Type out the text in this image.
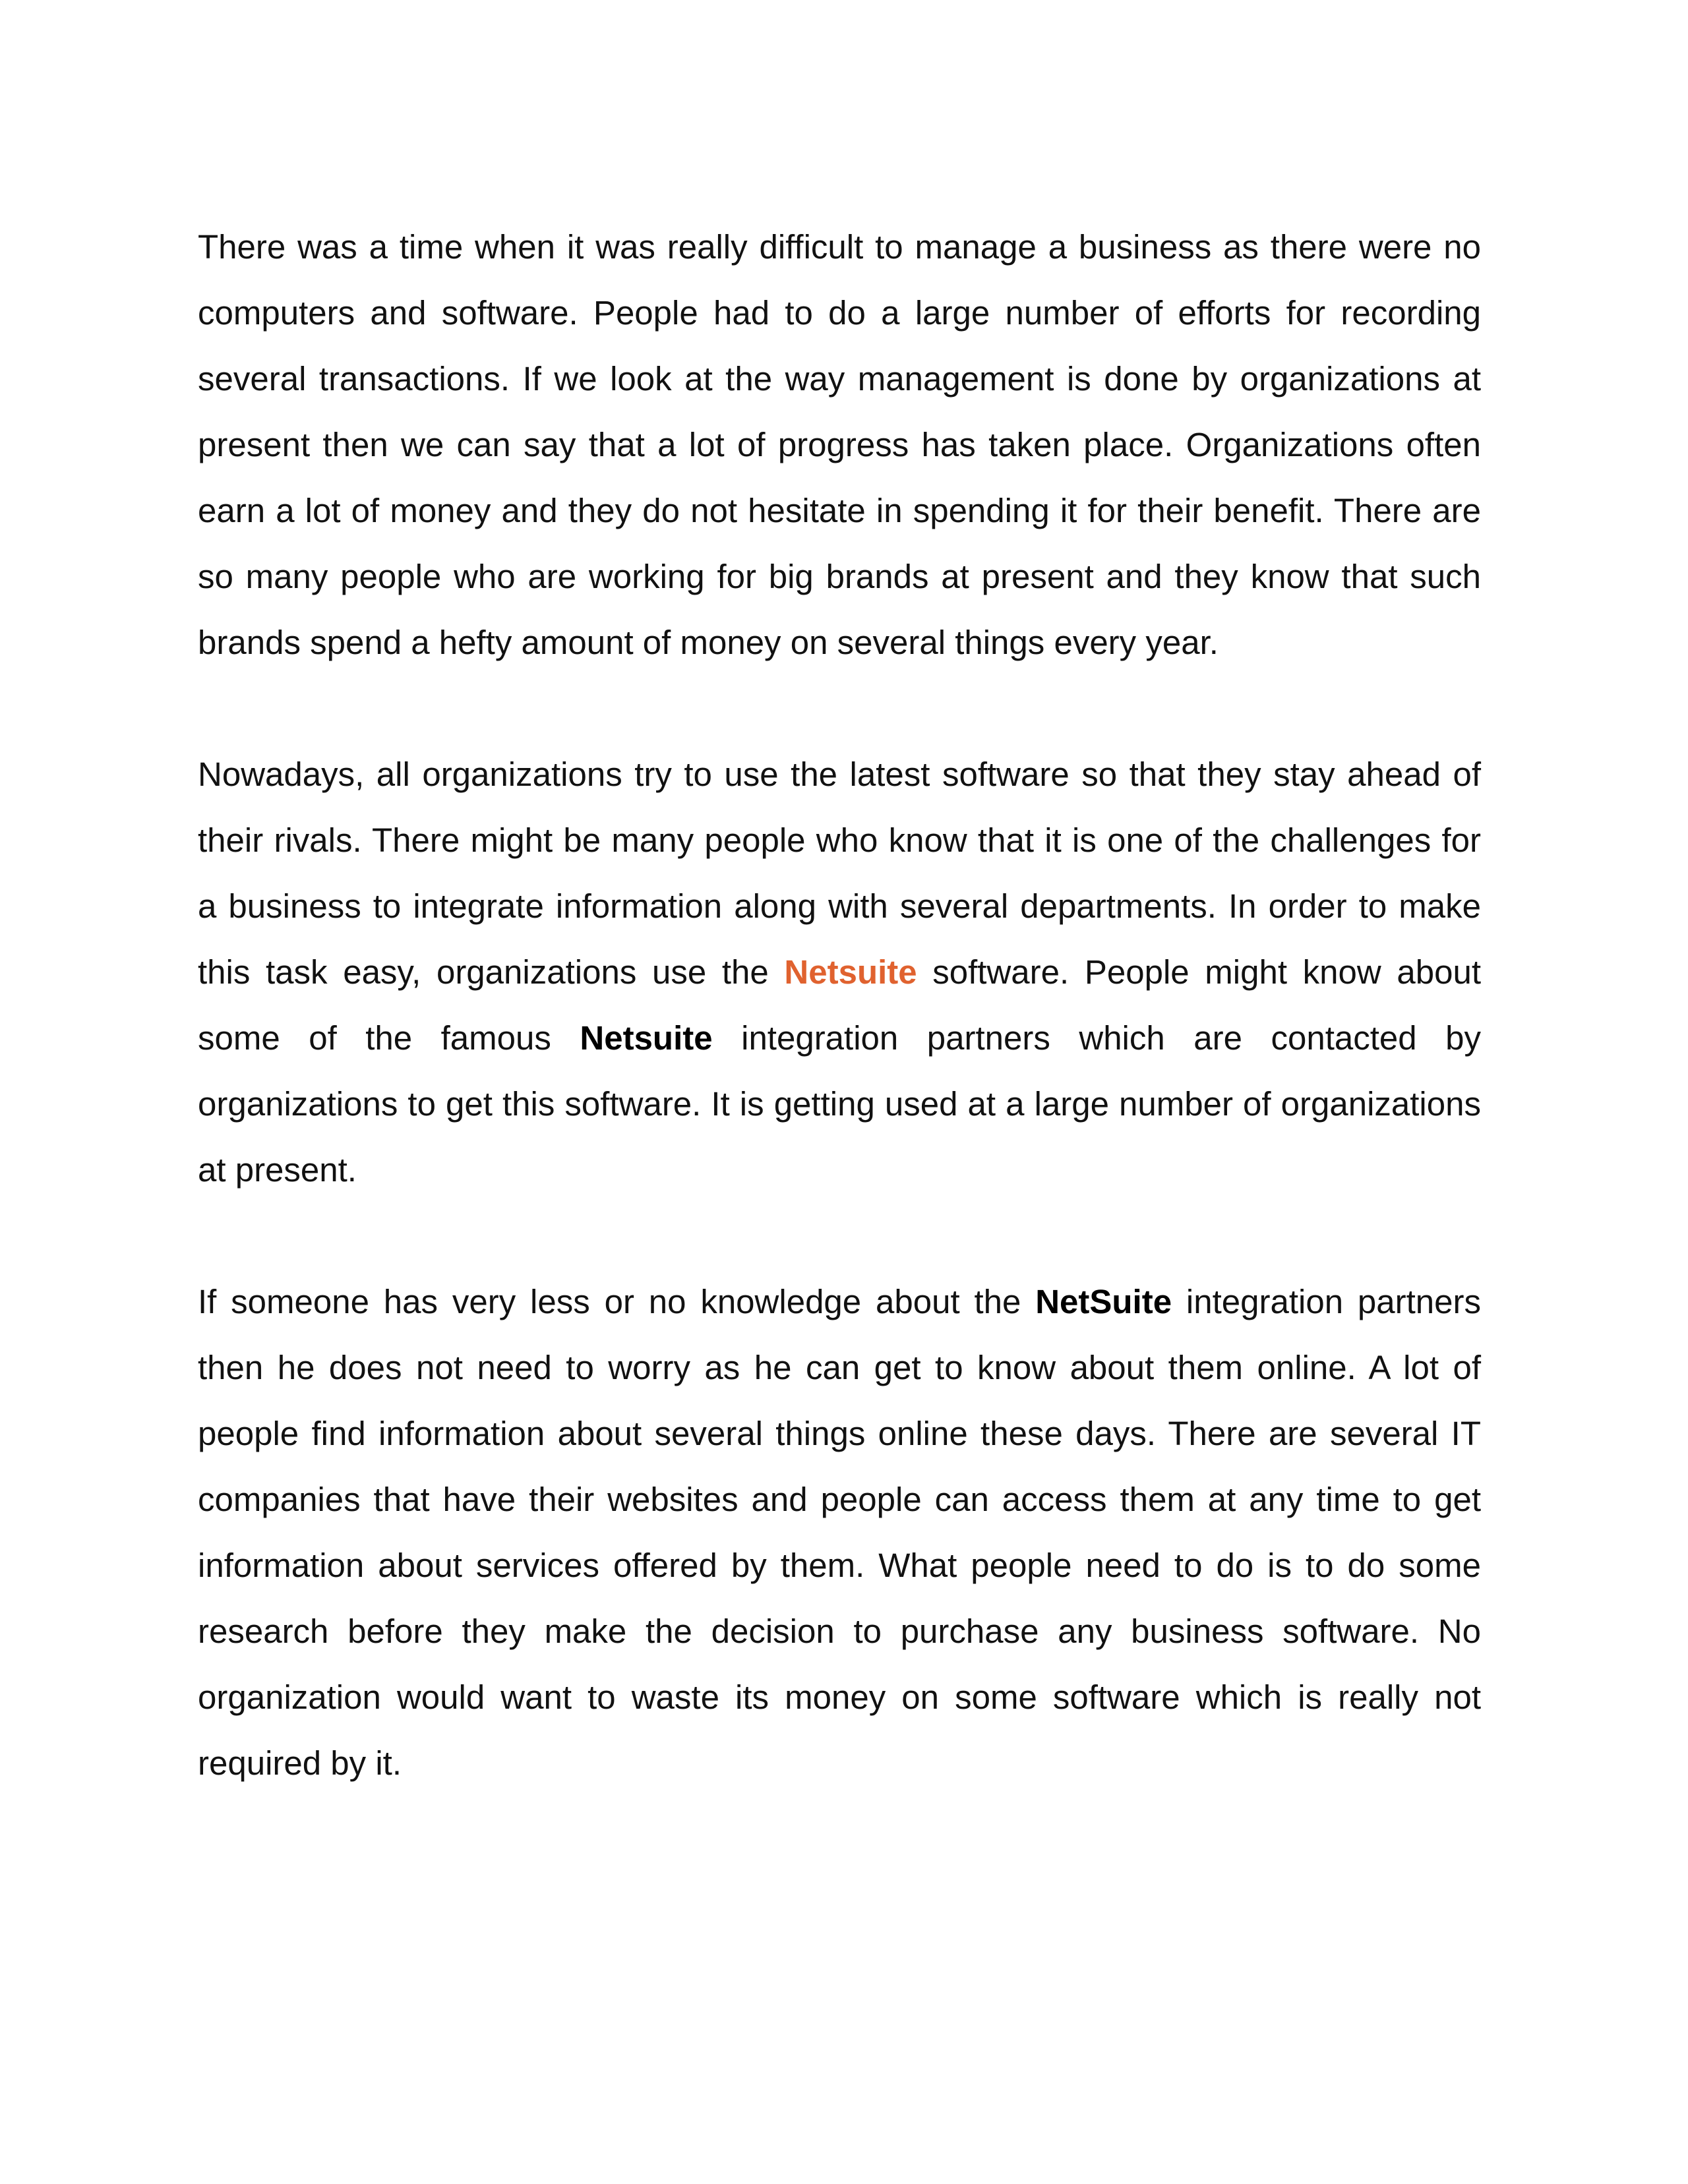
There was a time when it was really difficult to manage a business as there were no computers and software. People had to do a large number of efforts for recording several transactions. If we look at the way management is done by organizations at present then we can say that a lot of progress has taken place. Organizations often earn a lot of money and they do not hesitate in spending it for their benefit. There are so many people who are working for big brands at present and they know that such brands spend a hefty amount of money on several things every year.

Nowadays, all organizations try to use the latest software so that they stay ahead of their rivals. There might be many people who know that it is one of the challenges for a business to integrate information along with several departments. In order to make this task easy, organizations use the Netsuite software. People might know about some of the famous Netsuite integration partners which are contacted by organizations to get this software. It is getting used at a large number of organizations at present.

If someone has very less or no knowledge about the NetSuite integration partners then he does not need to worry as he can get to know about them online. A lot of people find information about several things online these days. There are several IT companies that have their websites and people can access them at any time to get information about services offered by them. What people need to do is to do some research before they make the decision to purchase any business software. No organization would want to waste its money on some software which is really not required by it.
